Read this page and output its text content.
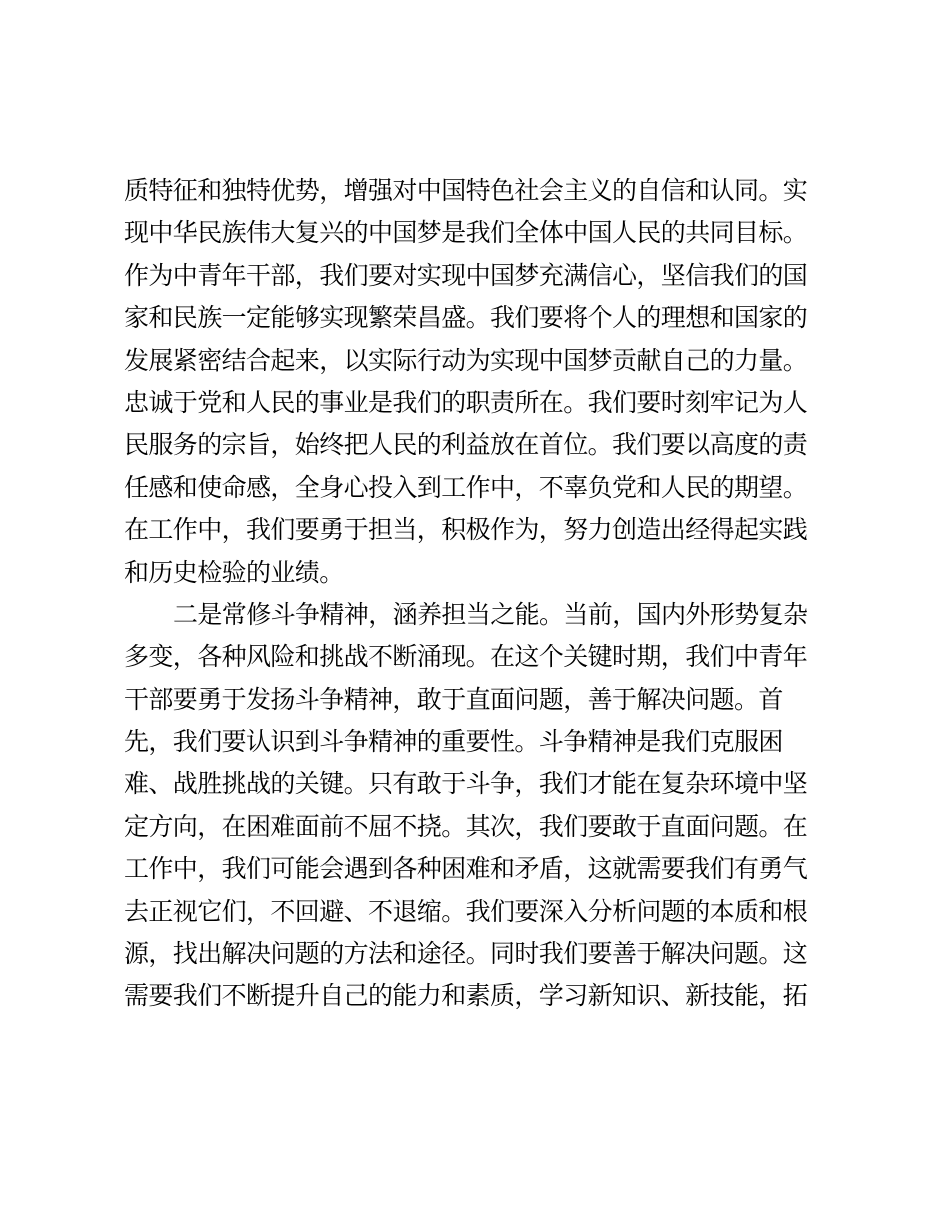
质特征和独特优势，增强对中国特色社会主义的自信和认同。实
现中华民族伟大复兴的中国梦是我们全体中国人民的共同目标。
作为中青年干部，我们要对实现中国梦充满信心，坚信我们的国
家和民族一定能够实现繁荣昌盛。我们要将个人的理想和国家的
发展紧密结合起来，以实际行动为实现中国梦贡献自己的力量。
忠诚于党和人民的事业是我们的职责所在。我们要时刻牢记为人
民服务的宗旨，始终把人民的利益放在首位。我们要以高度的责
任感和使命感，全身心投入到工作中，不辜负党和人民的期望。
在工作中，我们要勇于担当，积极作为，努力创造出经得起实践
和历史检验的业绩。
二是常修斗争精神，涵养担当之能。当前，国内外形势复杂
多变，各种风险和挑战不断涌现。在这个关键时期，我们中青年
干部要勇于发扬斗争精神，敢于直面问题，善于解决问题。首
先，我们要认识到斗争精神的重要性。斗争精神是我们克服困
难、战胜挑战的关键。只有敢于斗争，我们才能在复杂环境中坚
定方向，在困难面前不屈不挠。其次，我们要敢于直面问题。在
工作中，我们可能会遇到各种困难和矛盾，这就需要我们有勇气
去正视它们，不回避、不退缩。我们要深入分析问题的本质和根
源，找出解决问题的方法和途径。同时我们要善于解决问题。这
需要我们不断提升自己的能力和素质，学习新知识、新技能，拓
